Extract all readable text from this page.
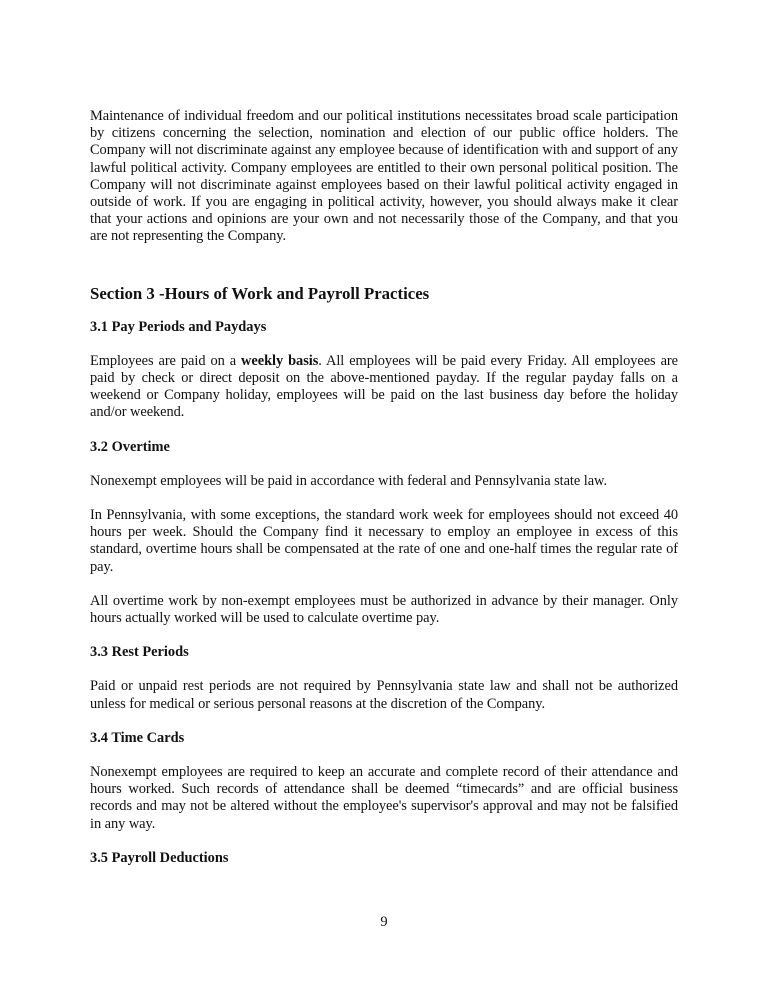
Maintenance of individual freedom and our political institutions necessitates broad scale participation by citizens concerning the selection, nomination and election of our public office holders. The Company will not discriminate against any employee because of identification with and support of any lawful political activity. Company employees are entitled to their own personal political position. The Company will not discriminate against employees based on their lawful political activity engaged in outside of work. If you are engaging in political activity, however, you should always make it clear that your actions and opinions are your own and not necessarily those of the Company, and that you are not representing the Company.

Section 3 -Hours of Work and Payroll Practices
3.1 Pay Periods and Paydays

Employees are paid on a weekly basis. All employees will be paid every Friday. All employees are paid by check or direct deposit on the above-mentioned payday. If the regular payday falls on a weekend or Company holiday, employees will be paid on the last business day before the holiday and/or weekend.

3.2 Overtime

Nonexempt employees will be paid in accordance with federal and Pennsylvania state law.

In Pennsylvania, with some exceptions, the standard work week for employees should not exceed 40 hours per week. Should the Company find it necessary to employ an employee in excess of this standard, overtime hours shall be compensated at the rate of one and one-half times the regular rate of pay.

All overtime work by non-exempt employees must be authorized in advance by their manager. Only hours actually worked will be used to calculate overtime pay.

3.3 Rest Periods

Paid or unpaid rest periods are not required by Pennsylvania state law and shall not be authorized unless for medical or serious personal reasons at the discretion of the Company.

3.4 Time Cards

Nonexempt employees are required to keep an accurate and complete record of their attendance and hours worked. Such records of attendance shall be deemed “timecards” and are official business records and may not be altered without the employee's supervisor's approval and may not be falsified in any way.

3.5 Payroll Deductions
9
